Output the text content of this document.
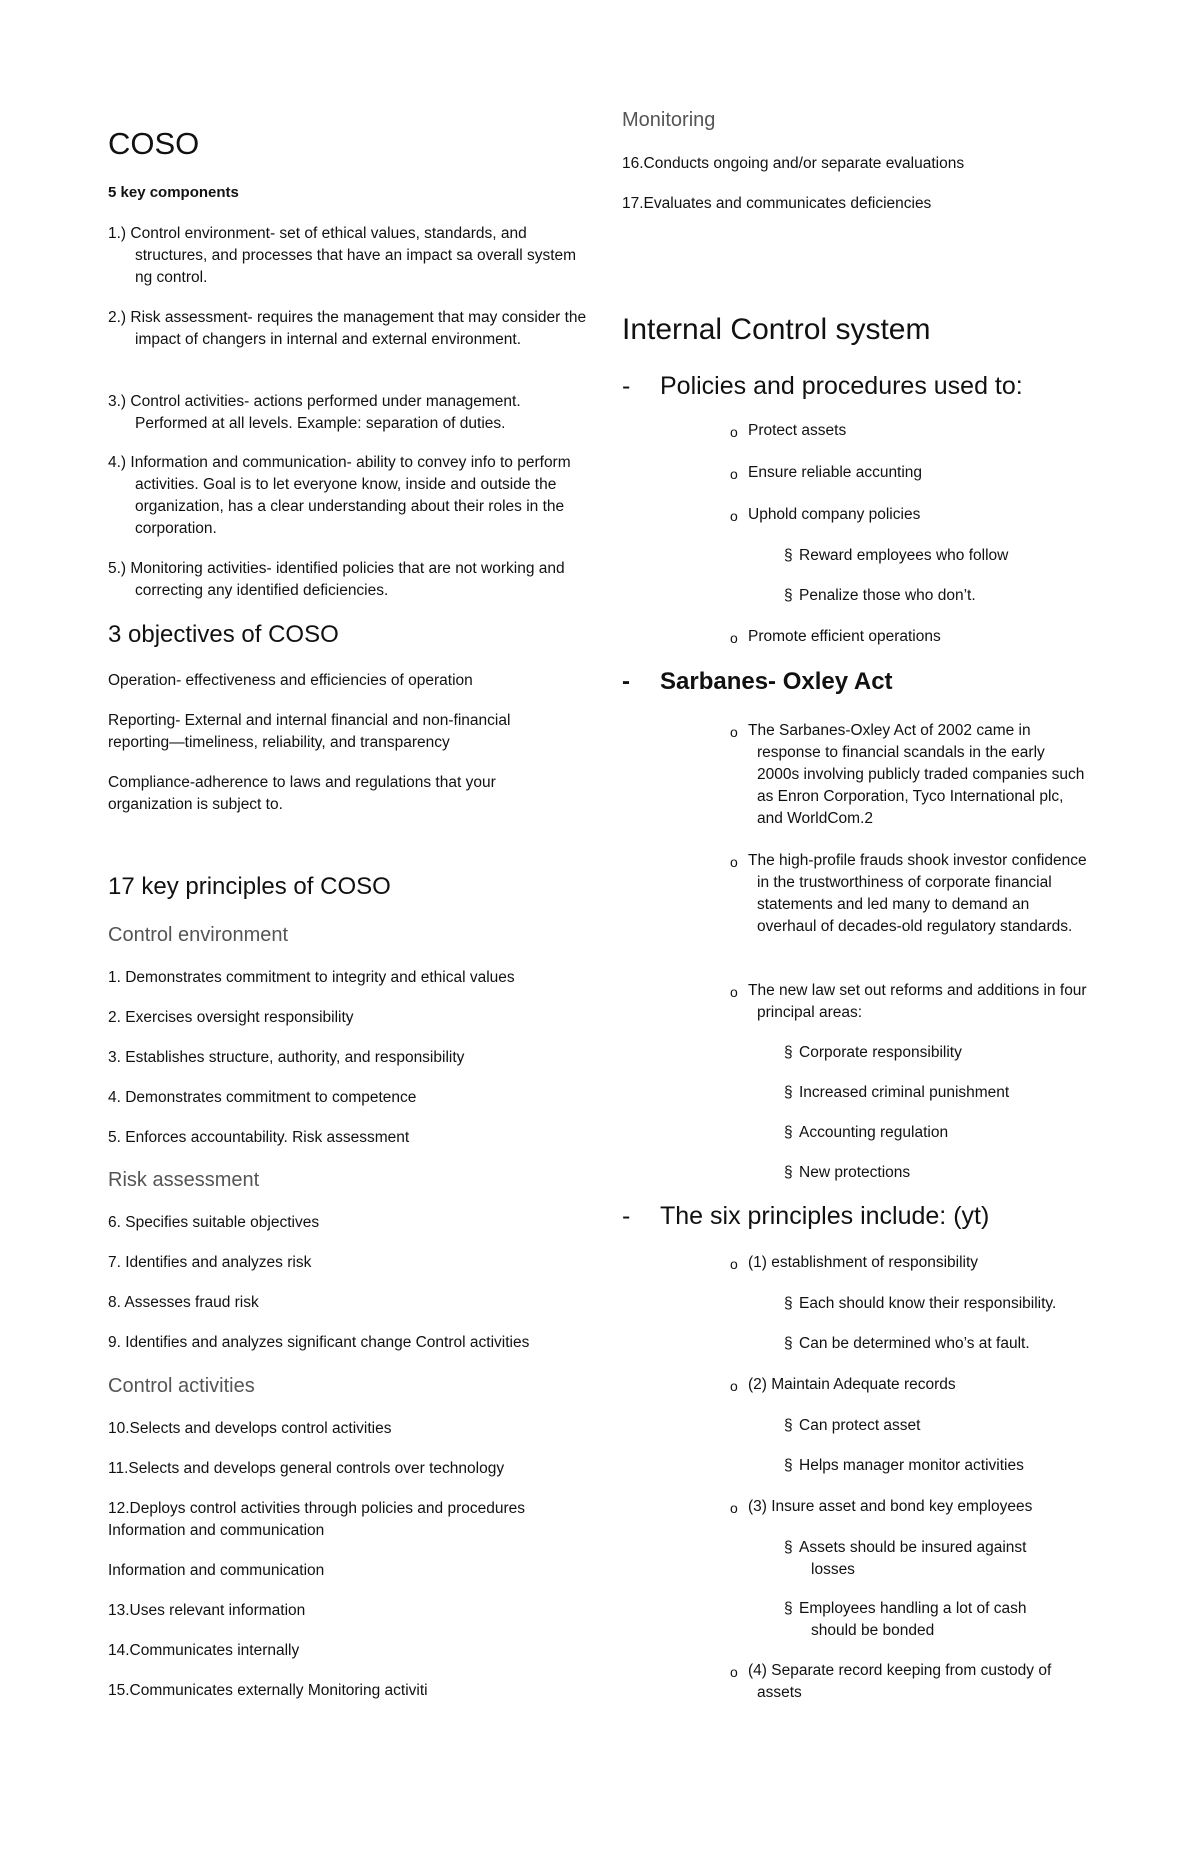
COSO

5 key components

1.) Control environment- set of ethical values, standards, and structures, and processes that have an impact sa overall system ng control.

2.) Risk assessment- requires the management that may consider the impact of changers in internal and external environment.

3.) Control activities- actions performed under management. Performed at all levels. Example: separation of duties.

4.) Information and communication- ability to convey info to perform activities. Goal is to let everyone know, inside and outside the organization, has a clear understanding about their roles in the corporation.

5.) Monitoring activities- identified policies that are not working and correcting any identified deficiencies.

3 objectives of COSO

Operation- effectiveness and efficiencies of operation

Reporting- External and internal financial and non-financial reporting—timeliness, reliability, and transparency

Compliance-adherence to laws and regulations that your organization is subject to.

17 key principles of COSO
Control environment

1. Demonstrates commitment to integrity and ethical values

2. Exercises oversight responsibility

3. Establishes structure, authority, and responsibility

4. Demonstrates commitment to competence

5. Enforces accountability. Risk assessment

Risk assessment

6. Specifies suitable objectives

7. Identifies and analyzes risk

8. Assesses fraud risk

9. Identifies and analyzes significant change Control activities

Control activities

10.Selects and develops control activities

11.Selects and develops general controls over technology

12.Deploys control activities through policies and procedures Information and communication

Information and communication

13.Uses relevant information

14.Communicates internally

15.Communicates externally Monitoring activiti

Monitoring

16.Conducts ongoing and/or separate evaluations

17.Evaluates and communicates deficiencies

Internal Control system

- Policies and procedures used to:

o Protect assets

o Ensure reliable accunting

o Uphold company policies

§ Reward employees who follow

§ Penalize those who don’t.

o Promote efficient operations

- Sarbanes- Oxley Act

o The Sarbanes-Oxley Act of 2002 came in response to financial scandals in the early 2000s involving publicly traded companies such as Enron Corporation, Tyco International plc, and WorldCom.2

o The high-profile frauds shook investor confidence in the trustworthiness of corporate financial statements and led many to demand an overhaul of decades-old regulatory standards.

o The new law set out reforms and additions in four principal areas:

§ Corporate responsibility

§ Increased criminal punishment

§ Accounting regulation

§ New protections

- The six principles include: (yt)

o (1) establishment of responsibility

§ Each should know their responsibility.

§ Can be determined who’s at fault.

o (2) Maintain Adequate records

§ Can protect asset

§ Helps manager monitor activities

o (3) Insure asset and bond key employees

§ Assets should be insured against losses

§ Employees handling a lot of cash should be bonded

o (4) Separate record keeping from custody of assets
